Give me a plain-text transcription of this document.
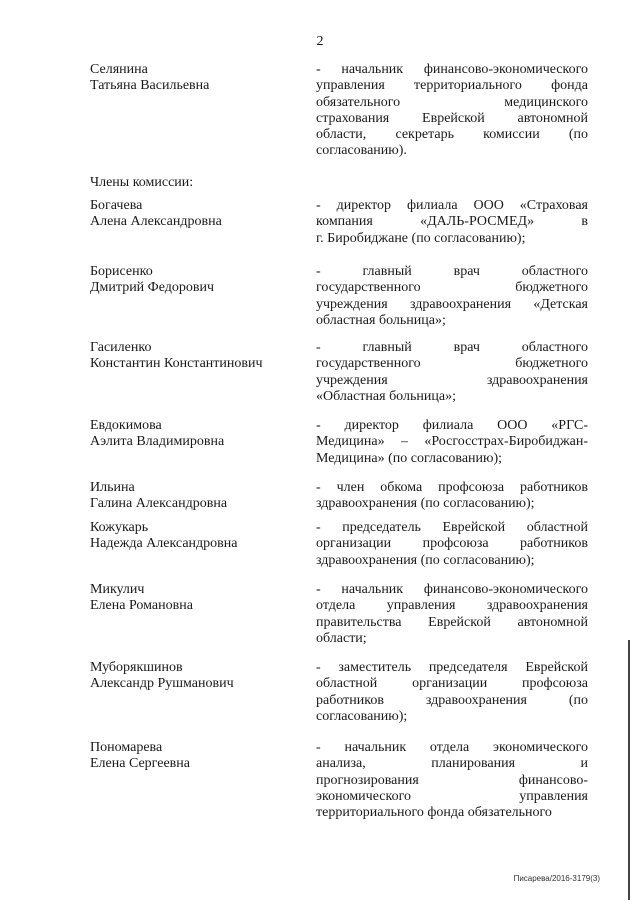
2
Селянина
Татьяна Васильевна
- начальник финансово-экономического
управления территориального фонда
обязательного медицинского
страхования Еврейской автономной
области, секретарь комиссии (по
согласованию).
Богачева
Алена Александровна
- директор филиала ООО «Страховая
компания «ДАЛЬ-РОСМЕД» в
г. Биробиджане (по согласованию);
Борисенко
Дмитрий Федорович
- главный врач областного
государственного бюджетного
учреждения здравоохранения «Детская
областная больница»;
Гасиленко
Константин Константинович
- главный врач областного
государственного бюджетного
учреждения здравоохранения
«Областная больница»;
Евдокимова
Аэлита Владимировна
- директор филиала ООО «РГС-
Медицина» – «Росгосстрах-Биробиджан-
Медицина» (по согласованию);
Ильина
Галина Александровна
- член обкома профсоюза работников
здравоохранения (по согласованию);
Кожукарь
Надежда Александровна
- председатель Еврейской областной
организации профсоюза работников
здравоохранения (по согласованию);
Микулич
Елена Романовна
- начальник финансово-экономического
отдела управления здравоохранения
правительства Еврейской автономной
области;
Муборякшинов
Александр Рушманович
- заместитель председателя Еврейской
областной организации профсоюза
работников здравоохранения (по
согласованию);
Пономарева
Елена Сергеевна
- начальник отдела экономического
анализа, планирования и
прогнозирования финансово-
экономического управления
территориального фонда обязательного
Члены комиссии:
Писарева/2016-3179(3)
